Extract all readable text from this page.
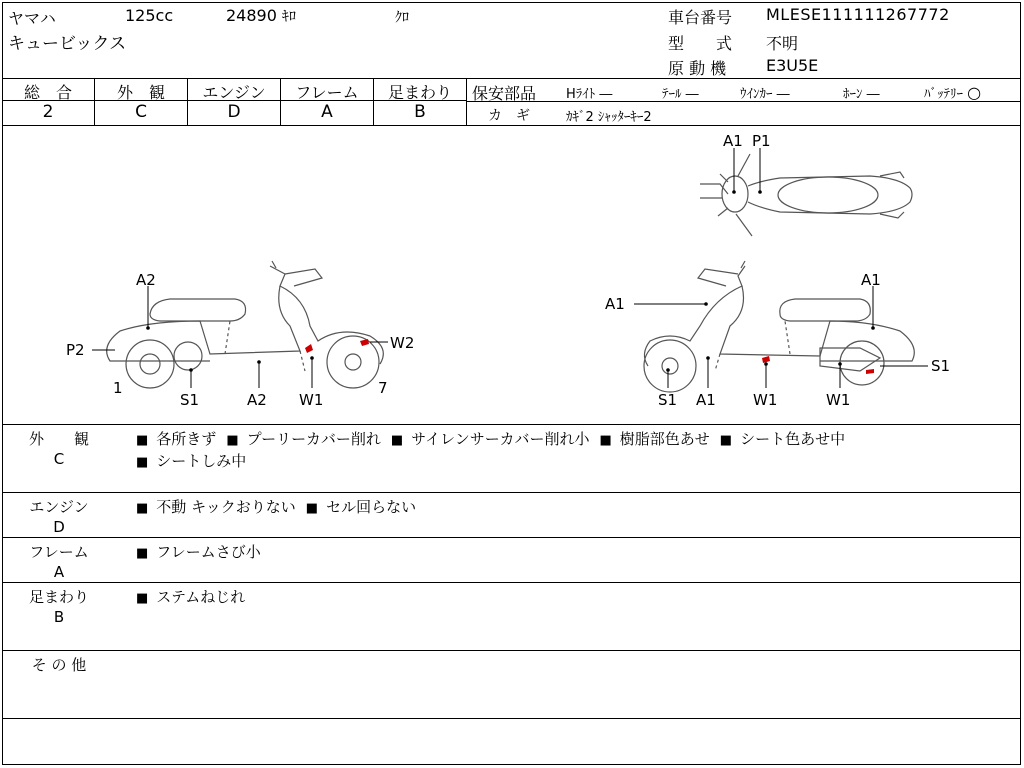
ヤマハ	125cc	24890 ｷﾛ	ｸﾛ
キュービックス
車台番号 MLESE111111267772
型　　式 不明
原 動 機 E3U5E
総　合	外　観	エンジン	フレーム	足まわり
2	C	D	A	B
保安部品 Hﾗｲﾄ ―	ﾃｰﾙ ―	ｳｲﾝｶｰ ―	ﾎｰﾝ ―	ﾊﾞｯﾃﾘｰ ○
カ　ギ	ｶｷﾞ2 ｼｬｯﾀｰｷｰ2
A1 P1
A2
P2	W2
1	7
S1	A2 W1
A1
A1
S1
S1 A1 W1	W1
外　　観
C
■ 各所きず ■ プーリーカバー削れ ■ サイレンサーカバー削れ小 ■ 樹脂部色あせ ■ シート色あせ中
■ シートしみ中
エンジン
D
■ 不動 キックおりない ■ セル回らない
フレーム
A
■ フレームさび小
足まわり
B
■ ステムねじれ
そ の 他
